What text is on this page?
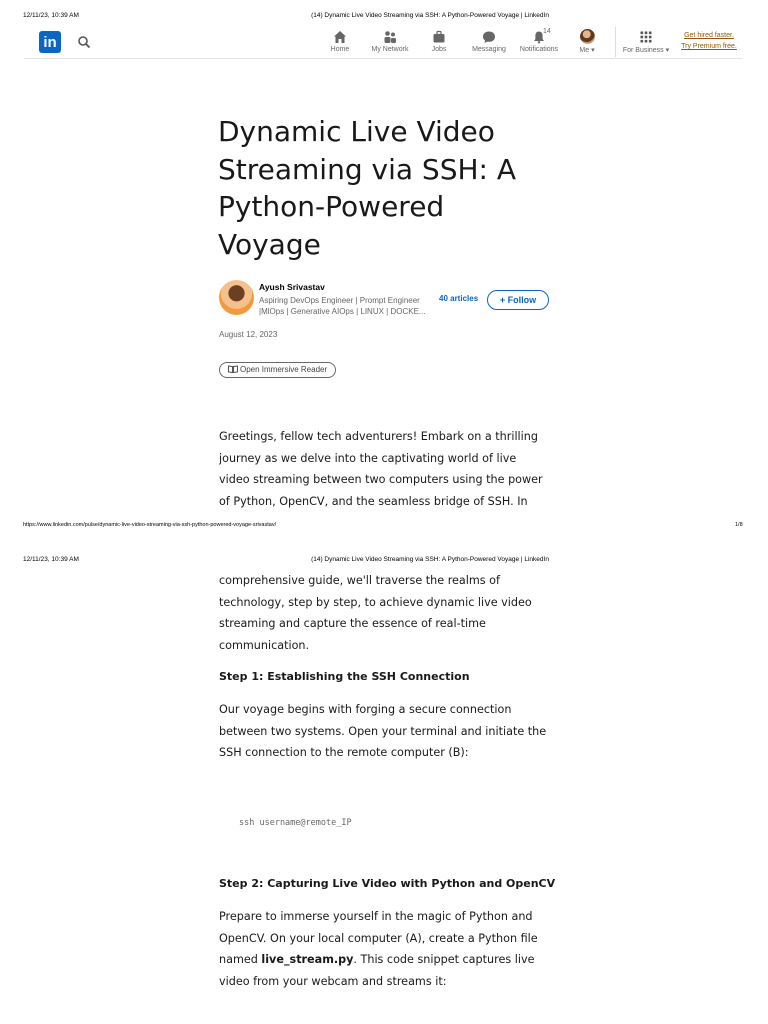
12/11/23, 10:39 AM	(14) Dynamic Live Video Streaming via SSH: A Python-Powered Voyage | LinkedIn
in	Home	My Network	Jobs	Messaging Notifications
14
Me ▾	For Business ▾
Get hired faster.
Try Premium free.
Dynamic Live Video Streaming via SSH: A Python-Powered Voyage
Ayush Srivastav
Aspiring DevOps Engineer | Prompt Engineer |MlOps | Generative AIOps | LINUX | DOCKE...
40 articles	+ Follow
August 12, 2023
Open Immersive Reader

Greetings, fellow tech adventurers! Embark on a thrilling journey as we delve into the captivating world of live video streaming between two computers using the power of Python, OpenCV, and the seamless bridge of SSH. In

https://www.linkedin.com/pulse/dynamic-live-video-streaming-via-ssh-python-powered-voyage-srivastav/	1/8
12/11/23, 10:39 AM	(14) Dynamic Live Video Streaming via SSH: A Python-Powered Voyage | LinkedIn

comprehensive guide, we'll traverse the realms of technology, step by step, to achieve dynamic live video streaming and capture the essence of real-time communication.

Step 1: Establishing the SSH Connection

Our voyage begins with forging a secure connection between two systems. Open your terminal and initiate the SSH connection to the remote computer (B):

ssh username@remote_IP
Step 2: Capturing Live Video with Python and OpenCV

Prepare to immerse yourself in the magic of Python and OpenCV. On your local computer (A), create a Python file named live_stream.py. This code snippet captures live video from your webcam and streams it:
